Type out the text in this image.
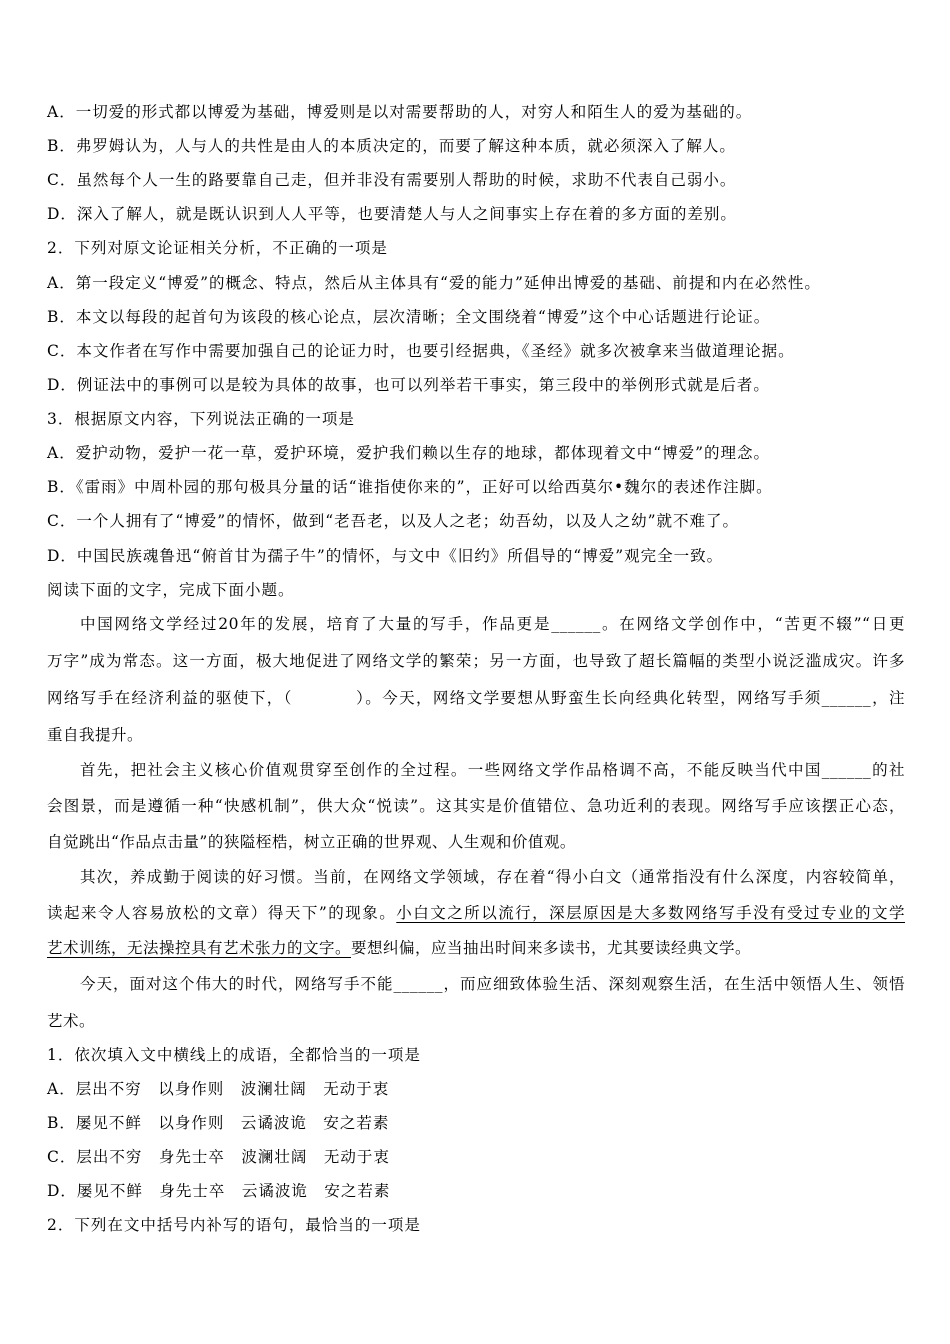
A．一切爱的形式都以博爱为基础，博爱则是以对需要帮助的人，对穷人和陌生人的爱为基础的。
B．弗罗姆认为，人与人的共性是由人的本质决定的，而要了解这种本质，就必须深入了解人。
C．虽然每个人一生的路要靠自己走，但并非没有需要别人帮助的时候，求助不代表自己弱小。
D．深入了解人，就是既认识到人人平等，也要清楚人与人之间事实上存在着的多方面的差别。
2．下列对原文论证相关分析，不正确的一项是
A．第一段定义“博爱”的概念、特点，然后从主体具有“爱的能力”延伸出博爱的基础、前提和内在必然性。
B．本文以每段的起首句为该段的核心论点，层次清晰；全文围绕着“博爱”这个中心话题进行论证。
C．本文作者在写作中需要加强自己的论证力时，也要引经据典，《圣经》就多次被拿来当做道理论据。
D．例证法中的事例可以是较为具体的故事，也可以列举若干事实，第三段中的举例形式就是后者。
3．根据原文内容，下列说法正确的一项是
A．爱护动物，爱护一花一草，爱护环境，爱护我们赖以生存的地球，都体现着文中“博爱”的理念。
B．《雷雨》中周朴园的那句极具分量的话“谁指使你来的”，正好可以给西莫尔•魏尔的表述作注脚。
C．一个人拥有了“博爱”的情怀，做到“老吾老，以及人之老；幼吾幼，以及人之幼”就不难了。
D．中国民族魂鲁迅“俯首甘为孺子牛”的情怀，与文中《旧约》所倡导的“博爱”观完全一致。
阅读下面的文字，完成下面小题。
中国网络文学经过20年的发展，培育了大量的写手，作品更是______。在网络文学创作中，“苦更不辍”“日更
万字”成为常态。这一方面，极大地促进了网络文学的繁荣；另一方面，也导致了超长篇幅的类型小说泛滥成灾。许多
网络写手在经济利益的驱使下，（          ）。今天，网络文学要想从野蛮生长向经典化转型，网络写手须______，注
重自我提升。
首先，把社会主义核心价值观贯穿至创作的全过程。一些网络文学作品格调不高，不能反映当代中国______的社
会图景，而是遵循一种“快感机制”，供大众“悦读”。这其实是价值错位、急功近利的表现。网络写手应该摆正心态，
自觉跳出“作品点击量”的狭隘桎梏，树立正确的世界观、人生观和价值观。
其次，养成勤于阅读的好习惯。当前，在网络文学领域，存在着“得小白文（通常指没有什么深度，内容较简单，
读起来令人容易放松的文章）得天下”的现象。小白文之所以流行，深层原因是大多数网络写手没有受过专业的文学
艺术训练，无法操控具有艺术张力的文字。要想纠偏，应当抽出时间来多读书，尤其要读经典文学。
今天，面对这个伟大的时代，网络写手不能______，而应细致体验生活、深刻观察生活，在生活中领悟人生、领悟
艺术。
1．依次填入文中横线上的成语，全都恰当的一项是
A．层出不穷　以身作则　波澜壮阔　无动于衷
B．屡见不鲜　以身作则　云谲波诡　安之若素
C．层出不穷　身先士卒　波澜壮阔　无动于衷
D．屡见不鲜　身先士卒　云谲波诡　安之若素
2．下列在文中括号内补写的语句，最恰当的一项是
